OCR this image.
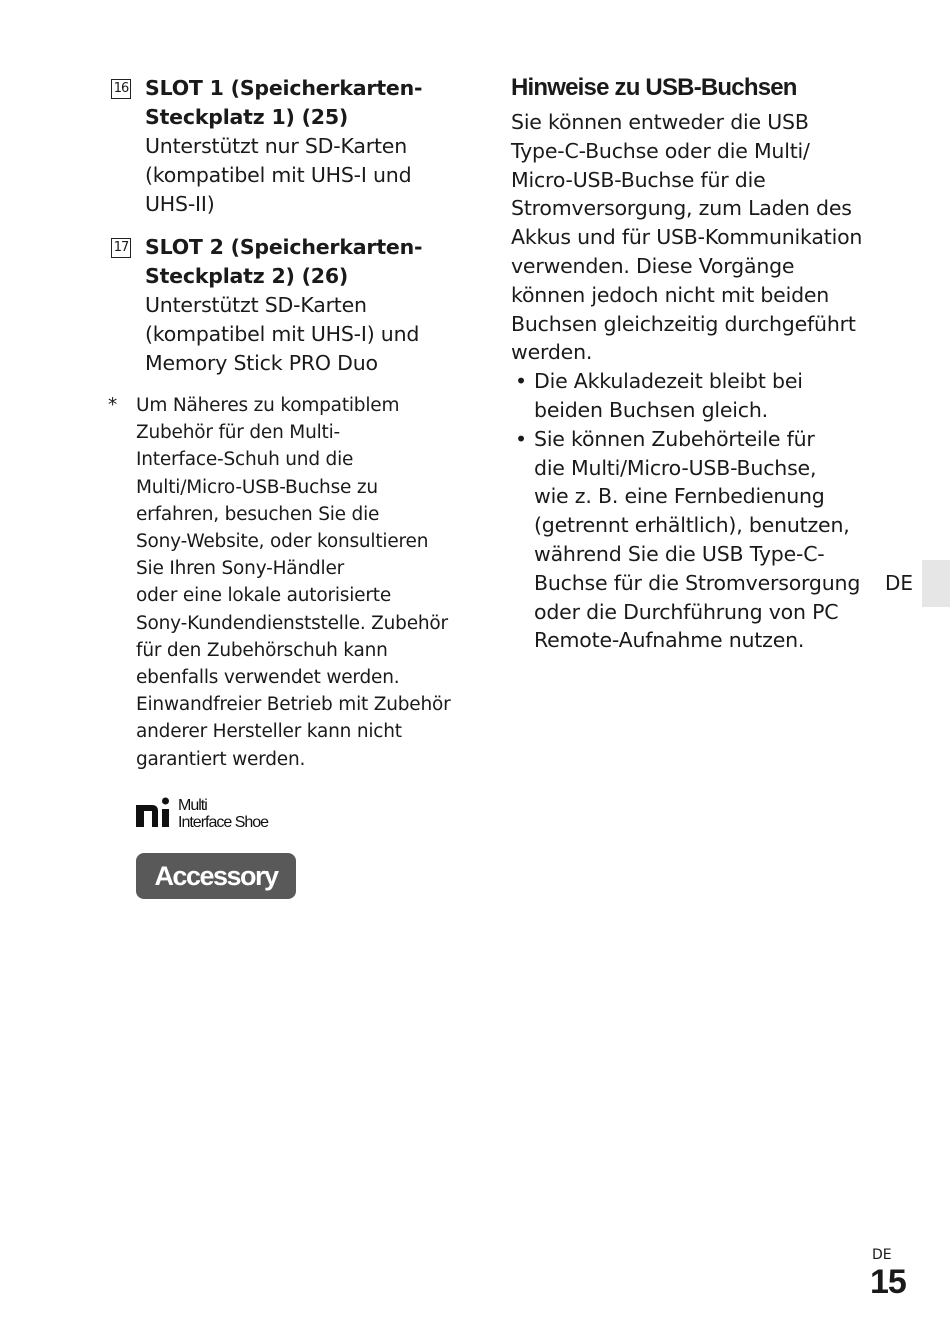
16 SLOT 1 (Speicherkarten-
Steckplatz 1) (25)
Unterstützt nur SD-Karten
(kompatibel mit UHS-I und
UHS-II)
17 SLOT 2 (Speicherkarten-
Steckplatz 2) (26)
Unterstützt SD-Karten
(kompatibel mit UHS-I) und
Memory Stick PRO Duo
* Um Näheres zu kompatiblem
Zubehör für den Multi-
Interface-Schuh und die
Multi/Micro-USB-Buchse zu
erfahren, besuchen Sie die
Sony-Website, oder konsultieren
Sie Ihren Sony-Händler
oder eine lokale autorisierte
Sony-Kundendienststelle. Zubehör
für den Zubehörschuh kann
ebenfalls verwendet werden.
Einwandfreier Betrieb mit Zubehör
anderer Hersteller kann nicht
garantiert werden.
Multi
Interface Shoe
Accessory Shoe
Hinweise zu USB-Buchsen

Sie können entweder die USB
Type-C-Buchse oder die Multi/
Micro-USB-Buchse für die
Stromversorgung, zum Laden des
Akkus und für USB-Kommunikation
verwenden. Diese Vorgänge
können jedoch nicht mit beiden
Buchsen gleichzeitig durchgeführt
werden.

• Die Akkuladezeit bleibt bei
beiden Buchsen gleich.
• Sie können Zubehörteile für
die Multi/Micro-USB-Buchse,
wie z. B. eine Fernbedienung
(getrennt erhältlich), benutzen,
während Sie die USB Type-C-
Buchse für die Stromversorgung
oder die Durchführung von PC
Remote-Aufnahme nutzen.
DE
DE
15
